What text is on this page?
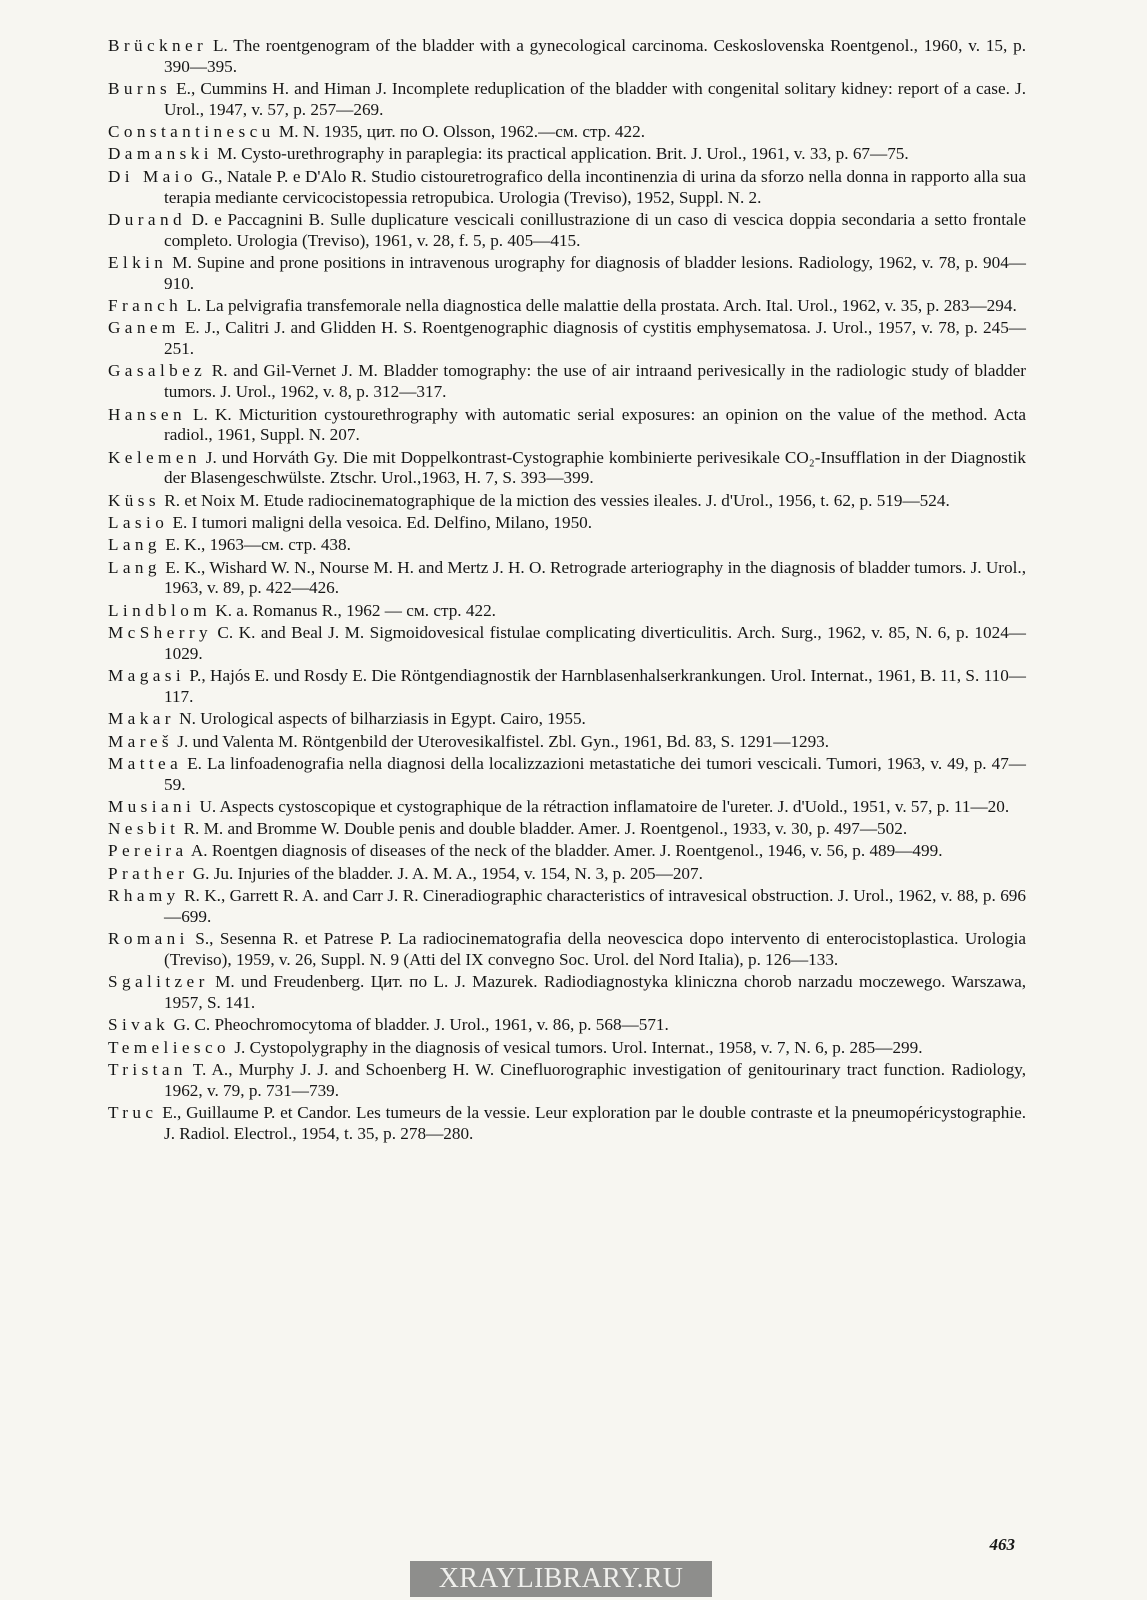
Brückner L. The roentgenogram of the bladder with a gynecological carcinoma. Ceskoslovenska Roentgenol., 1960, v. 15, p. 390—395.
Burns E., Cummins H. and Himan J. Incomplete reduplication of the bladder with congenital solitary kidney: report of a case. J. Urol., 1947, v. 57, p. 257—269.
Constantinescu M. N. 1935, цит. по O. Olsson, 1962.—см. стр. 422.
Damanski M. Cysto-urethrography in paraplegia: its practical application. Brit. J. Urol., 1961, v. 33, p. 67—75.
Di Maio G., Natale P. e D'Alo R. Studio cistouretrografico della incontinenzia di urina da sforzo nella donna in rapporto alla sua terapia mediante cervicocistopessia retropubica. Urologia (Treviso), 1952, Suppl. N. 2.
Durand D. e Paccagnini B. Sulle duplicature vescicali conillustrazione di un caso di vescica doppia secondaria a setto frontale completo. Urologia (Treviso), 1961, v. 28, f. 5, p. 405—415.
Elkin M. Supine and prone positions in intravenous urography for diagnosis of bladder lesions. Radiology, 1962, v. 78, p. 904—910.
Franch L. La pelvigrafia transfemorale nella diagnostica delle malattie della prostata. Arch. Ital. Urol., 1962, v. 35, p. 283—294.
Ganem E. J., Calitri J. and Glidden H. S. Roentgenographic diagnosis of cystitis emphysematosa. J. Urol., 1957, v. 78, p. 245—251.
Gasalbez R. and Gil-Vernet J. M. Bladder tomography: the use of air intraand perivesically in the radiologic study of bladder tumors. J. Urol., 1962, v. 8, p. 312—317.
Hansen L. K. Micturition cystourethrography with automatic serial exposures: an opinion on the value of the method. Acta radiol., 1961, Suppl. N. 207.
Kelemen J. und Horváth Gy. Die mit Doppelkontrast-Cystographie kombinierte perivesikale CO₂-Insufflation in der Diagnostik der Blasengeschwülste. Ztschr. Urol.,1963, H. 7, S. 393—399.
Küss R. et Noix M. Etude radiocinematographique de la miction des vessies ileales. J. d'Urol., 1956, t. 62, p. 519—524.
Lasio E. I tumori maligni della vesoica. Ed. Delfino, Milano, 1950.
Lang E. K., 1963—см. стр. 438.
Lang E. K., Wishard W. N., Nourse M. H. and Mertz J. H. O. Retrograde arteriography in the diagnosis of bladder tumors. J. Urol., 1963, v. 89, p. 422—426.
Lindblom K. a. Romanus R., 1962 — см. стр. 422.
McSherry C. K. and Beal J. M. Sigmoidovesical fistulae complicating diverticulitis. Arch. Surg., 1962, v. 85, N. 6, p. 1024—1029.
Magasi P., Hajós E. und Rosdy E. Die Röntgendiagnostik der Harnblasenhalserkrankungen. Urol. Internat., 1961, B. 11, S. 110—117.
Makar N. Urological aspects of bilharziasis in Egypt. Cairo, 1955.
Mareš J. und Valenta M. Röntgenbild der Uterovesikalfistel. Zbl. Gyn., 1961, Bd. 83, S. 1291—1293.
Mattea E. La linfoadenografia nella diagnosi della localizzazioni metastatiche dei tumori vescicali. Tumori, 1963, v. 49, p. 47—59.
Musiani U. Aspects cystoscopique et cystographique de la rétraction inflamatoire de l'ureter. J. d'Uold., 1951, v. 57, p. 11—20.
Nesbit R. M. and Bromme W. Double penis and double bladder. Amer. J. Roentgenol., 1933, v. 30, p. 497—502.
Pereira A. Roentgen diagnosis of diseases of the neck of the bladder. Amer. J. Roentgenol., 1946, v. 56, p. 489—499.
Prather G. Ju. Injuries of the bladder. J. A. M. A., 1954, v. 154, N. 3, p. 205—207.
Rhamy R. K., Garrett R. A. and Carr J. R. Cineradiographic characteristics of intravesical obstruction. J. Urol., 1962, v. 88, p. 696—699.
Romani S., Sesenna R. et Patrese P. La radiocinematografia della neovescica dopo intervento di enterocistoplastica. Urologia (Treviso), 1959, v. 26, Suppl. N. 9 (Atti del IX convegno Soc. Urol. del Nord Italia), p. 126—133.
Sgalitzer M. und Freudenberg. Цит. по L. J. Mazurek. Radiodiagnostyka kliniczna chorob narzadu moczewego. Warszawa, 1957, S. 141.
Sivak G. C. Pheochromocytoma of bladder. J. Urol., 1961, v. 86, p. 568—571.
Temeliesco J. Cystopolygraphy in the diagnosis of vesical tumors. Urol. Internat., 1958, v. 7, N. 6, p. 285—299.
Tristan T. A., Murphy J. J. and Schoenberg H. W. Cinefluorographic investigation of genitourinary tract function. Radiology, 1962, v. 79, p. 731—739.
Truc E., Guillaume P. et Candor. Les tumeurs de la vessie. Leur exploration par le double contraste et la pneumopéricystographie. J. Radiol. Electrol., 1954, t. 35, p. 278—280.
463
XRAYLIBRARY.RU
